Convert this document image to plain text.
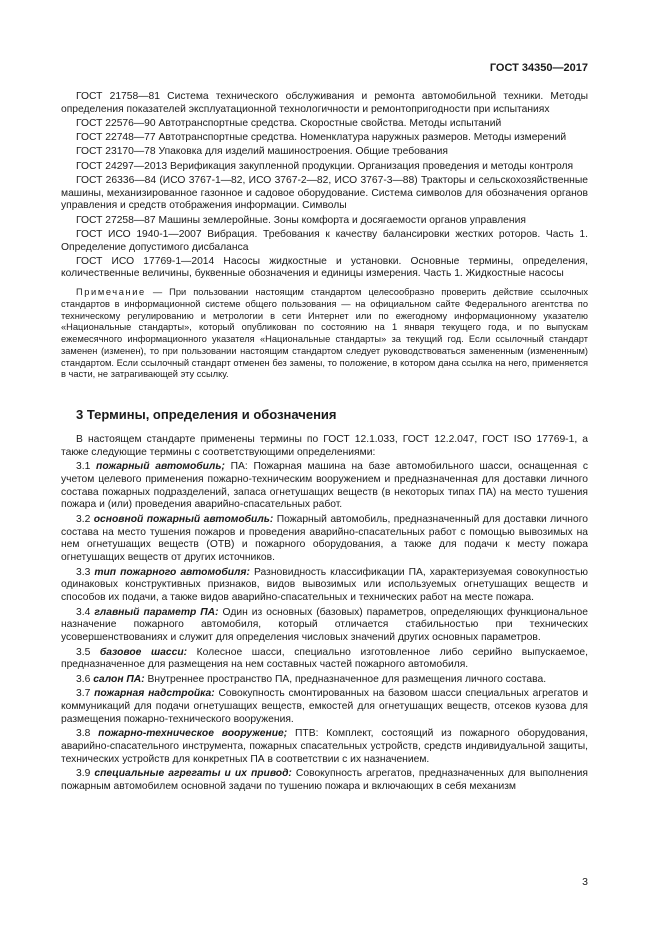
ГОСТ 34350—2017

ГОСТ 21758—81 Система технического обслуживания и ремонта автомобильной техники. Методы определения показателей эксплуатационной технологичности и ремонтопригодности при испытаниях

ГОСТ 22576—90 Автотранспортные средства. Скоростные свойства. Методы испытаний

ГОСТ 22748—77 Автотранспортные средства. Номенклатура наружных размеров. Методы измерений

ГОСТ 23170—78 Упаковка для изделий машиностроения. Общие требования

ГОСТ 24297—2013 Верификация закупленной продукции. Организация проведения и методы контроля

ГОСТ 26336—84 (ИСО 3767-1—82, ИСО 3767-2—82, ИСО 3767-3—88) Тракторы и сельскохозяйственные машины, механизированное газонное и садовое оборудование. Система символов для обозначения органов управления и средств отображения информации. Символы

ГОСТ 27258—87 Машины землеройные. Зоны комфорта и досягаемости органов управления

ГОСТ ИСО 1940-1—2007 Вибрация. Требования к качеству балансировки жестких роторов. Часть 1. Определение допустимого дисбаланса

ГОСТ ИСО 17769-1—2014 Насосы жидкостные и установки. Основные термины, определения, количественные величины, буквенные обозначения и единицы измерения. Часть 1. Жидкостные насосы

Примечание — При пользовании настоящим стандартом целесообразно проверить действие ссылочных стандартов в информационной системе общего пользования — на официальном сайте Федерального агентства по техническому регулированию и метрологии в сети Интернет или по ежегодному информационному указателю «Национальные стандарты», который опубликован по состоянию на 1 января текущего года, и по выпускам ежемесячного информационного указателя «Национальные стандарты» за текущий год. Если ссылочный стандарт заменен (изменен), то при пользовании настоящим стандартом следует руководствоваться замененным (измененным) стандартом. Если ссылочный стандарт отменен без замены, то положение, в котором дана ссылка на него, применяется в части, не затрагивающей эту ссылку.

3 Термины, определения и обозначения

В настоящем стандарте применены термины по ГОСТ 12.1.033, ГОСТ 12.2.047, ГОСТ ISO 17769-1, а также следующие термины с соответствующими определениями:

3.1 пожарный автомобиль; ПА: Пожарная машина на базе автомобильного шасси, оснащенная с учетом целевого применения пожарно-техническим вооружением и предназначенная для доставки личного состава пожарных подразделений, запаса огнетушащих веществ (в некоторых типах ПА) на место тушения пожара и (или) проведения аварийно-спасательных работ.

3.2 основной пожарный автомобиль: Пожарный автомобиль, предназначенный для доставки личного состава на место тушения пожаров и проведения аварийно-спасательных работ с помощью вывозимых на нем огнетушащих веществ (ОТВ) и пожарного оборудования, а также для подачи к месту пожара огнетушащих веществ от других источников.

3.3 тип пожарного автомобиля: Разновидность классификации ПА, характеризуемая совокупностью одинаковых конструктивных признаков, видов вывозимых или используемых огнетушащих веществ и способов их подачи, а также видов аварийно-спасательных и технических работ на месте пожара.

3.4 главный параметр ПА: Один из основных (базовых) параметров, определяющих функциональное назначение пожарного автомобиля, который отличается стабильностью при технических усовершенствованиях и служит для определения числовых значений других основных параметров.

3.5 базовое шасси: Колесное шасси, специально изготовленное либо серийно выпускаемое, предназначенное для размещения на нем составных частей пожарного автомобиля.

3.6 салон ПА: Внутреннее пространство ПА, предназначенное для размещения личного состава.

3.7 пожарная надстройка: Совокупность смонтированных на базовом шасси специальных агрегатов и коммуникаций для подачи огнетушащих веществ, емкостей для огнетушащих веществ, отсеков кузова для размещения пожарно-технического вооружения.

3.8 пожарно-техническое вооружение; ПТВ: Комплект, состоящий из пожарного оборудования, аварийно-спасательного инструмента, пожарных спасательных устройств, средств индивидуальной защиты, технических устройств для конкретных ПА в соответствии с их назначением.

3.9 специальные агрегаты и их привод: Совокупность агрегатов, предназначенных для выполнения пожарным автомобилем основной задачи по тушению пожара и включающих в себя механизм

3
